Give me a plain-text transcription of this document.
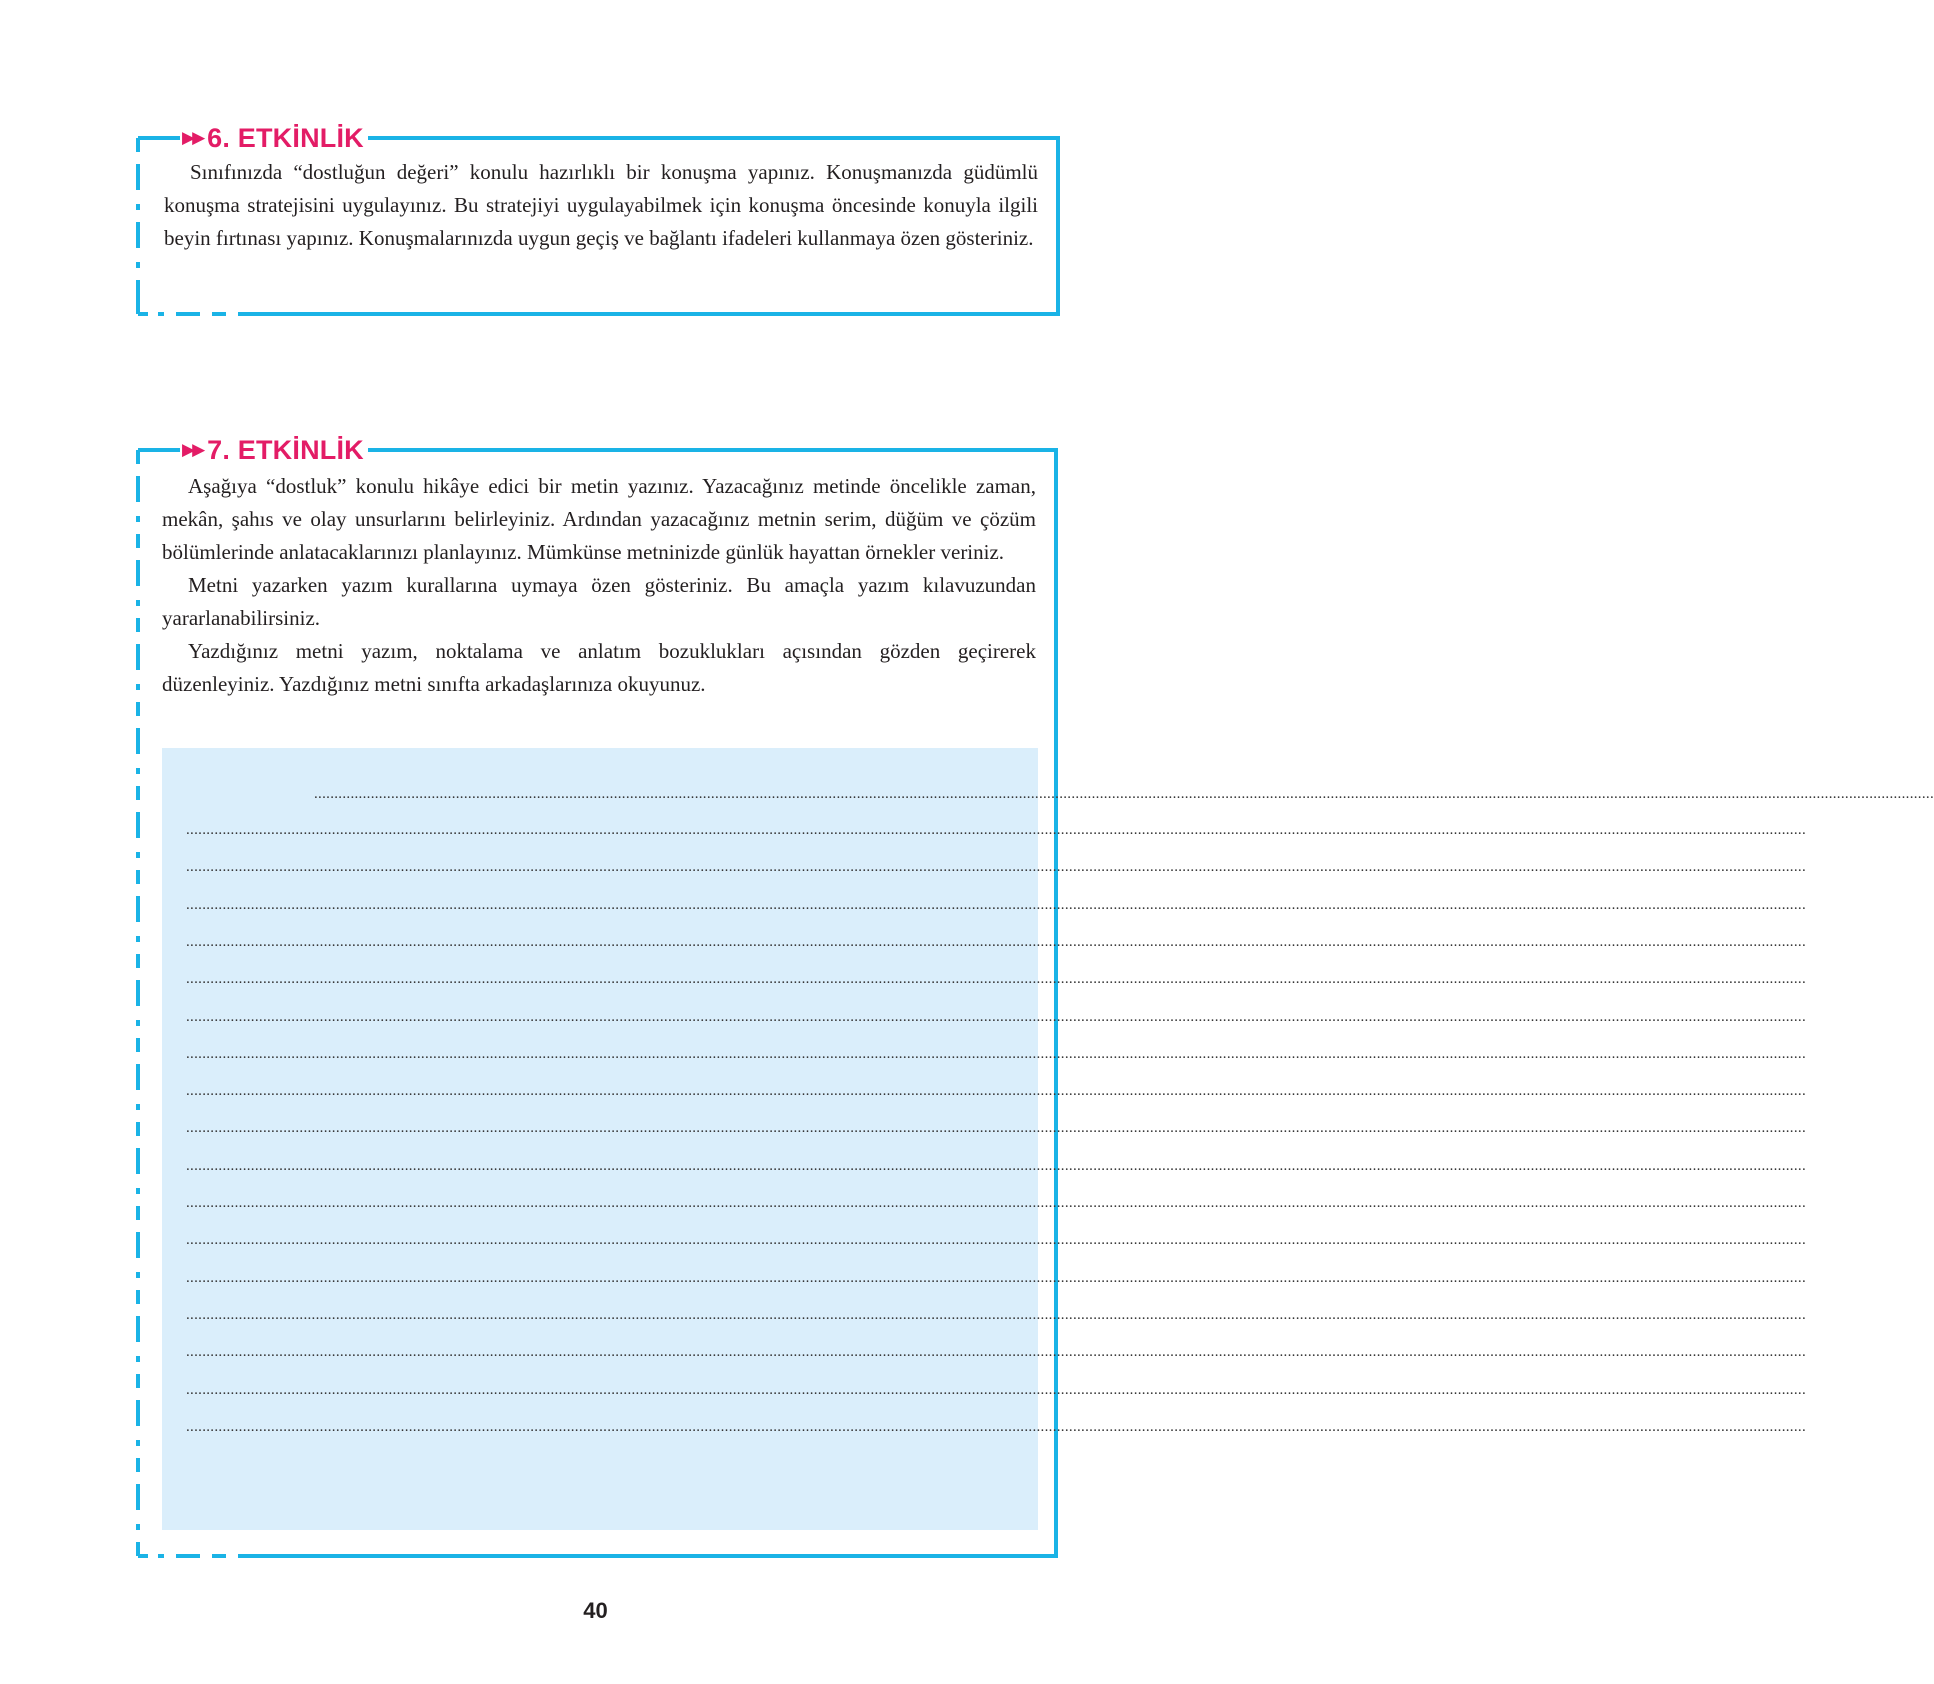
▶▶ 6. ETKİNLİK

Sınıfınızda “dostluğun değeri” konulu hazırlıklı bir konuşma yapınız. Konuşmanızda güdümlü konuşma stratejisini uygulayınız. Bu stratejiyi uygulayabilmek için konuşma öncesinde konuyla ilgili beyin fırtınası yapınız. Konuşmalarınızda uygun geçiş ve bağlantı ifadeleri kullanmaya özen gösteriniz.

▶▶ 7. ETKİNLİK

Aşağıya “dostluk” konulu hikâye edici bir metin yazınız. Yazacağınız metinde öncelikle zaman, mekân, şahıs ve olay unsurlarını belirleyiniz. Ardından yazacağınız metnin serim, düğüm ve çözüm bölümlerinde anlatacaklarınızı planlayınız. Mümkünse metninizde günlük hayattan örnekler veriniz.

Metni yazarken yazım kurallarına uymaya özen gösteriniz. Bu amaçla yazım kılavuzundan yararlanabilirsiniz.

Yazdığınız metni yazım, noktalama ve anlatım bozuklukları açısından gözden geçirerek düzenleyiniz. Yazdığınız metni sınıfta arkadaşlarınıza okuyunuz.

................................................................................................................................................................................................................................................................................................................................................................................................................
................................................................................................................................................................................................................................................................................................................................................................................................................
................................................................................................................................................................................................................................................................................................................................................................................................................
................................................................................................................................................................................................................................................................................................................................................................................................................
................................................................................................................................................................................................................................................................................................................................................................................................................
................................................................................................................................................................................................................................................................................................................................................................................................................
................................................................................................................................................................................................................................................................................................................................................................................................................
................................................................................................................................................................................................................................................................................................................................................................................................................
................................................................................................................................................................................................................................................................................................................................................................................................................
................................................................................................................................................................................................................................................................................................................................................................................................................
................................................................................................................................................................................................................................................................................................................................................................................................................
................................................................................................................................................................................................................................................................................................................................................................................................................
................................................................................................................................................................................................................................................................................................................................................................................................................
................................................................................................................................................................................................................................................................................................................................................................................................................
................................................................................................................................................................................................................................................................................................................................................................................................................
................................................................................................................................................................................................................................................................................................................................................................................................................
................................................................................................................................................................................................................................................................................................................................................................................................................
................................................................................................................................................................................................................................................................................................................................................................................................................
40
